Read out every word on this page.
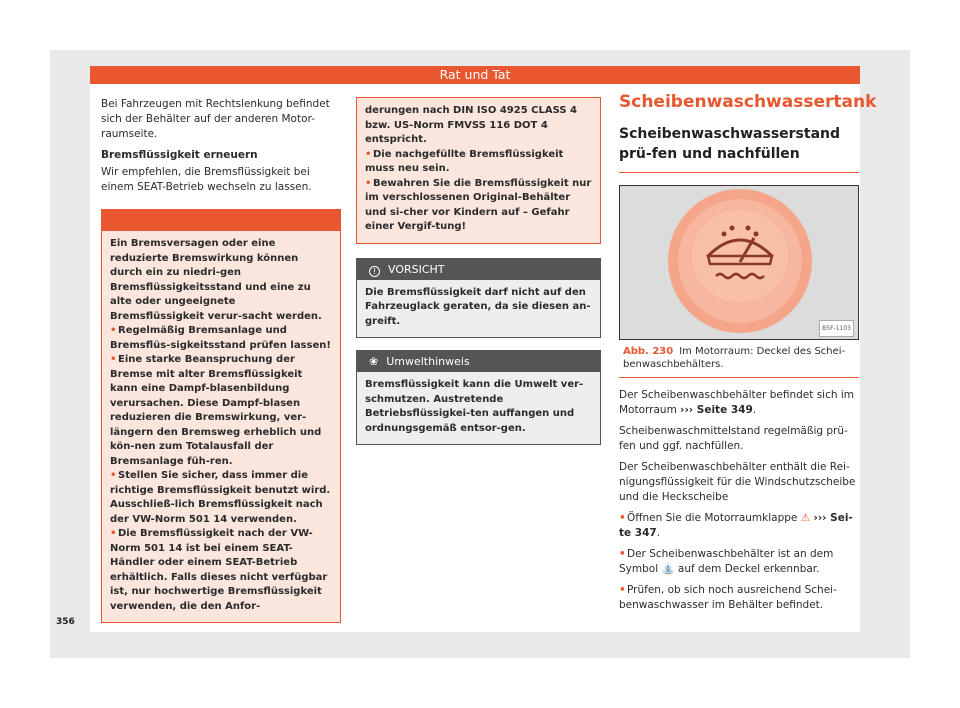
Rat und Tat
Bei Fahrzeugen mit Rechtslenkung befindet sich der Behälter auf der anderen Motor-raumseite.
Bremsflüssigkeit erneuern
Wir empfehlen, die Bremsflüssigkeit bei einem SEAT-Betrieb wechseln zu lassen.
⚠ ACHTUNG
Ein Bremsversagen oder eine reduzierte Bremswirkung können durch ein zu niedri-gen Bremsflüssigkeitsstand und eine zu alte oder ungeeignete Bremsflüssigkeit verur-sacht werden.
• Regelmäßig Bremsanlage und Bremsflüs-sigkeitsstand prüfen lassen!
• Eine starke Beanspruchung der Bremse mit alter Bremsflüssigkeit kann eine Dampf-blasenbildung verursachen. Diese Dampf-blasen reduzieren die Bremswirkung, ver-längern den Bremsweg erheblich und kön-nen zum Totalausfall der Bremsanlage füh-ren.
• Stellen Sie sicher, dass immer die richtige Bremsflüssigkeit benutzt wird. Ausschließ-lich Bremsflüssigkeit nach der VW-Norm 501 14 verwenden.
• Die Bremsflüssigkeit nach der VW-Norm 501 14 ist bei einem SEAT-Händler oder einem SEAT-Betrieb erhältlich. Falls dieses nicht verfügbar ist, nur hochwertige Bremsflüssigkeit verwenden, die den Anfor-
derungen nach DIN ISO 4925 CLASS 4 bzw. US-Norm FMVSS 116 DOT 4 entspricht.
• Die nachgefüllte Bremsflüssigkeit muss neu sein.
• Bewahren Sie die Bremsflüssigkeit nur im verschlossenen Original-Behälter und si-cher vor Kindern auf – Gefahr einer Vergif-tung!
! VORSICHT
Die Bremsflüssigkeit darf nicht auf den Fahrzeuglack geraten, da sie diesen an-greift.
❀ Umwelthinweis
Bremsflüssigkeit kann die Umwelt ver-schmutzen. Austretende Betriebsflüssigkei-ten auffangen und ordnungsgemäß entsor-gen.
Scheibenwaschwassertank
Scheibenwaschwasserstand prü-fen und nachfüllen
B5F-1103
Abb. 230 Im Motorraum: Deckel des Schei-benwaschbehälters.
Der Scheibenwaschbehälter befindet sich im Motorraum ››› Seite 349.
Scheibenwaschmittelstand regelmäßig prü-fen und ggf. nachfüllen.
Der Scheibenwaschbehälter enthält die Rei-nigungsflüssigkeit für die Windschutzscheibe und die Heckscheibe
•Öffnen Sie die Motorraumklappe ⚠ ››› Sei-te 347.
•Der Scheibenwaschbehälter ist an dem Symbol ⛲ auf dem Deckel erkennbar.
•Prüfen, ob sich noch ausreichend Schei-benwaschwasser im Behälter befindet.
356
